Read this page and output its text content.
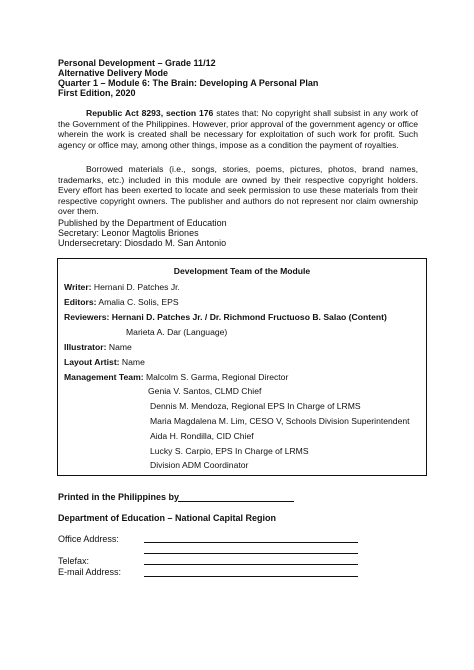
Personal Development – Grade 11/12
Alternative Delivery Mode
Quarter 1 – Module 6: The Brain: Developing A Personal Plan
First Edition, 2020

Republic Act 8293, section 176 states that: No copyright shall subsist in any work of the Government of the Philippines. However, prior approval of the government agency or office wherein the work is created shall be necessary for exploitation of such work for profit. Such agency or office may, among other things, impose as a condition the payment of royalties.

Borrowed materials (i.e., songs, stories, poems, pictures, photos, brand names, trademarks, etc.) included in this module are owned by their respective copyright holders. Every effort has been exerted to locate and seek permission to use these materials from their respective copyright owners. The publisher and authors do not represent nor claim ownership over them.

Published by the Department of Education
Secretary: Leonor Magtolis Briones
Undersecretary: Diosdado M. San Antonio
Development Team of the Module
Writer: Hernani D. Patches Jr.
Editors: Amalia C. Solis, EPS
Reviewers: Hernani D. Patches Jr. / Dr. Richmond Fructuoso B. Salao (Content)
Marieta A. Dar (Language)
Illustrator: Name
Layout Artist: Name
Management Team: Malcolm S. Garma, Regional Director
Genia V. Santos, CLMD Chief
Dennis M. Mendoza, Regional EPS In Charge of LRMS
Maria Magdalena M. Lim, CESO V, Schools Division Superintendent
Aida H. Rondilla, CID Chief
Lucky S. Carpio, EPS In Charge of LRMS
Division ADM Coordinator
Printed in the Philippines by
Department of Education – National Capital Region
Office Address:
Telefax:
E-mail Address:
